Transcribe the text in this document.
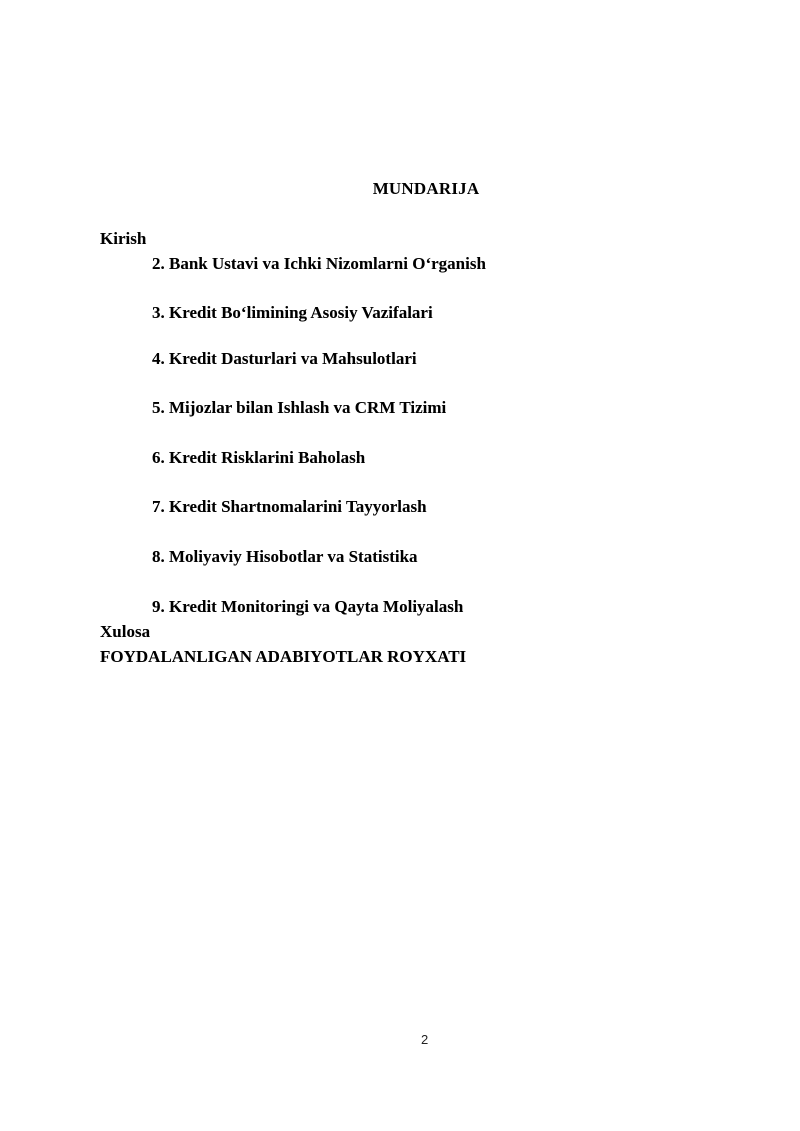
MUNDARIJA
Kirish
2. Bank Ustavi va Ichki Nizomlarni O‘rganish
3. Kredit Bo‘limining Asosiy Vazifalari
4. Kredit Dasturlari va Mahsulotlari
5. Mijozlar bilan Ishlash va CRM Tizimi
6. Kredit Risklarini Baholash
7. Kredit Shartnomalarini Tayyorlash
8. Moliyaviy Hisobotlar va Statistika
9. Kredit Monitoringi va Qayta Moliyalash
Xulosa
FOYDALANLIGAN ADABIYOTLAR ROYXATI
2
